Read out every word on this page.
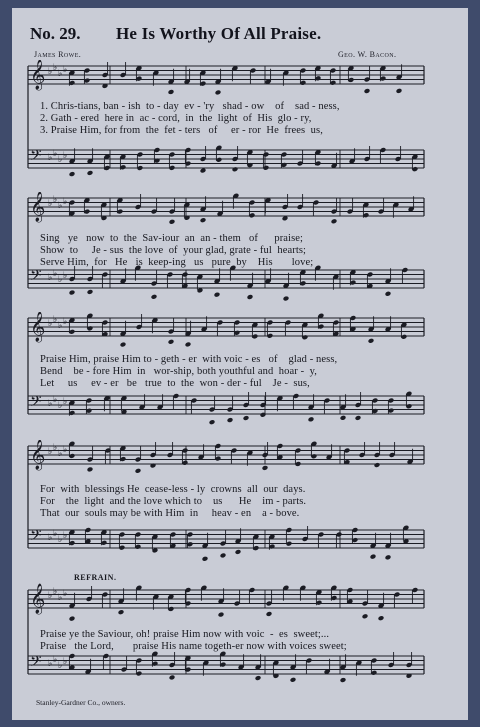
No. 29. He Is Worthy Of All Praise.
James Rowe.	Geo. W. Bacon.
𝄞 ♭ ♭
♭ ♭
𝄢 ♭ ♭
♭ ♭
1. Chris-tians, ban - ish  to - day  ev - 'ry   shad - ow    of    sad - ness,
2. Gath - ered  here in  ac - cord,  in  the  light  of  His  glo - ry,
3. Praise Him, for from  the  fet - ters   of     er - ror  He  frees  us,
𝄞 ♭ ♭
♭ ♭
𝄢 ♭ ♭
♭ ♭
Sing   ye   now  to  the  Sav-iour  an  an - them   of      praise;
Show  to     Je - sus  the love  of  your glad, grate - ful  hearts;
Serve Him,  for   He   is  keep-ing   us   pure  by    His       love;
𝄞 ♭ ♭
♭ ♭
𝄢 ♭ ♭
♭ ♭
Praise Him, praise Him to - geth - er  with voic - es   of    glad - ness,
Bend    be - fore Him  in   wor-ship, both youthful and  hoar -  y,
Let     us     ev - er   be   true  to  the  won - der - ful    Je -  sus,
𝄞 ♭ ♭
♭ ♭
𝄢 ♭ ♭
♭ ♭
For  with  blessings He  cease-less - ly  crowns  all  our  days.
For    the  light  and the love which to    us      He    im - parts.
That  our  souls may be with Him  in     heav - en    a - bove.
REFRAIN.
𝄞 ♭ ♭
♭ ♭
𝄢 ♭ ♭
♭ ♭
Praise ye the Saviour, oh! praise Him now with voic  -  es  sweet;...
Praise   the Lord,       praise His name togeth-er now with voices sweet;
Stanley-Gardner Co., owners.
